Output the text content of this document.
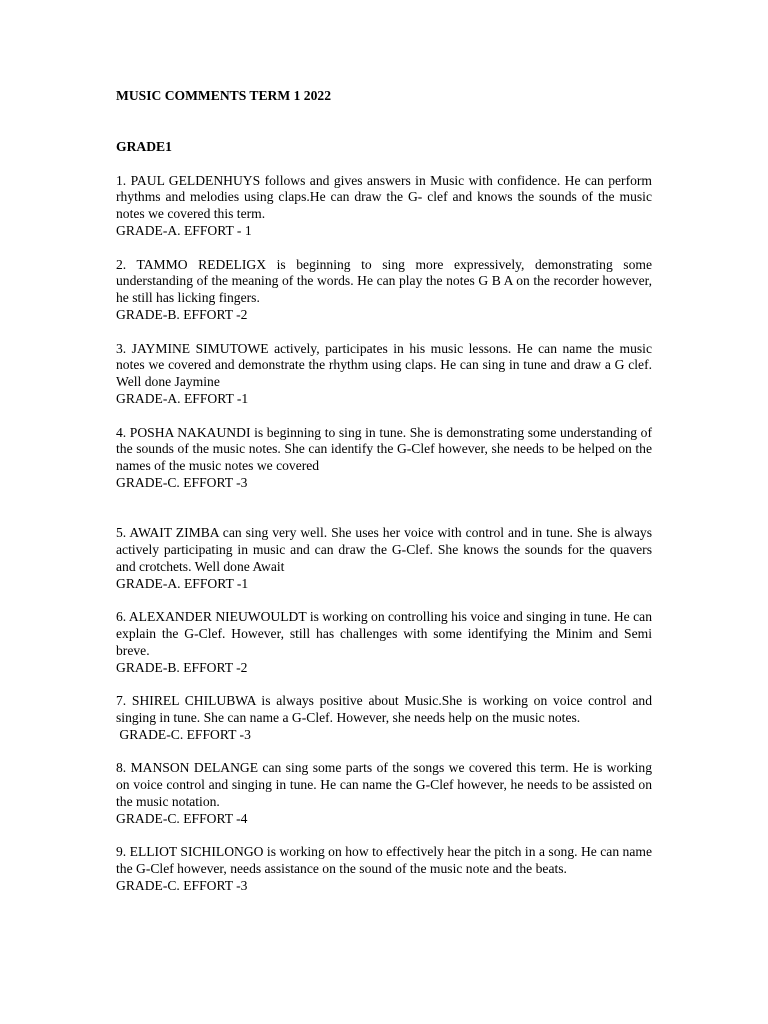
MUSIC COMMENTS TERM 1 2022

GRADE1

1. PAUL GELDENHUYS follows and gives answers in Music with confidence. He can perform rhythms and melodies using claps.He can draw the G- clef and knows the sounds of the music notes we covered this term.

GRADE-A. EFFORT - 1

2. TAMMO REDELIGX is beginning to sing more expressively, demonstrating some understanding of the meaning of the words. He can play the notes G B A on the recorder however, he still has licking fingers.

GRADE-B. EFFORT -2

3. JAYMINE SIMUTOWE actively, participates in his music lessons. He can name the music notes we covered and demonstrate the rhythm using claps. He can sing in tune and draw a G clef. Well done Jaymine

GRADE-A. EFFORT -1

4. POSHA NAKAUNDI is beginning to sing in tune. She is demonstrating some understanding of the sounds of the music notes. She can identify the G-Clef however, she needs to be helped on the names of the music notes we covered

GRADE-C. EFFORT -3

5. AWAIT ZIMBA can sing very well. She uses her voice with control and in tune. She is always actively participating in music and can draw the G-Clef. She knows the sounds for the quavers and crotchets. Well done Await

GRADE-A. EFFORT -1

6. ALEXANDER NIEUWOULDT is working on controlling his voice and singing in tune. He can explain the G-Clef. However, still has challenges with some identifying the Minim and Semi breve.

GRADE-B. EFFORT -2

7. SHIREL CHILUBWA is always positive about Music.She is working on voice control and singing in tune. She can name a G-Clef. However, she needs help on the music notes.

GRADE-C. EFFORT -3

8. MANSON DELANGE can sing some parts of the songs we covered this term. He is working on voice control and singing in tune. He can name the G-Clef however, he needs to be assisted on the music notation.

GRADE-C. EFFORT -4

9. ELLIOT SICHILONGO is working on how to effectively hear the pitch in a song. He can name the G-Clef however, needs assistance on the sound of the music note and the beats.

GRADE-C. EFFORT -3
